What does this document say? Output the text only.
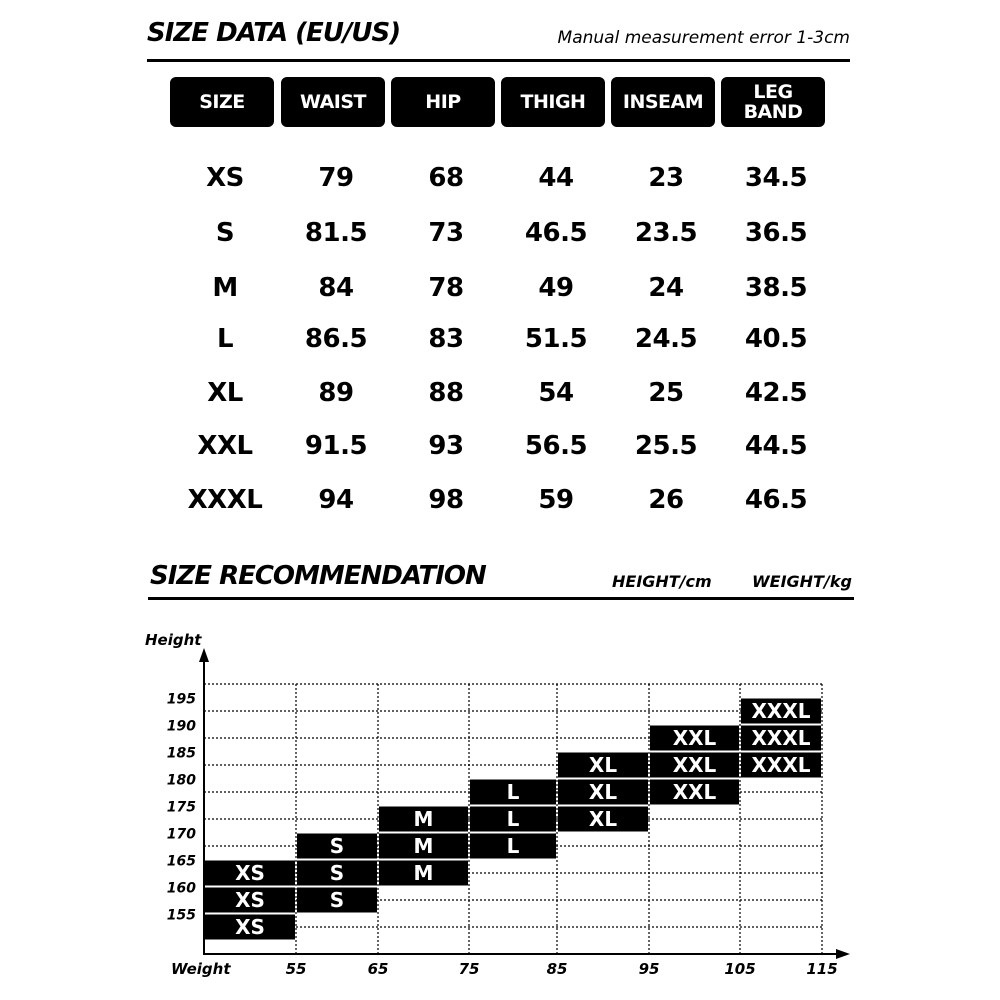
SIZE DATA (EU/US)	Manual measurement error 1-3cm
SIZE	WAIST	HIP	THIGH	INSEAM	LEG BAND
XS	79	68	44	23	34.5
S	81.5	73	46.5	23.5	36.5
M	84	78	49	24	38.5
L	86.5	83	51.5	24.5	40.5
XL	89	88	54	25	42.5
XXL	91.5	93	56.5	25.5	44.5
XXXL	94	98	59	26	46.5
SIZE RECOMMENDATION	HEIGHT/cm	WEIGHT/kg
XS
XS
XS
S
S
S
M
M
M
L
L
L
XL
XL
XL
XXL
XXL
XXL
XXXL
XXXL
XXXL
Height
Weight
155
160
165
170
175
180
185
190
195
55	65	75	85	95	105	115
